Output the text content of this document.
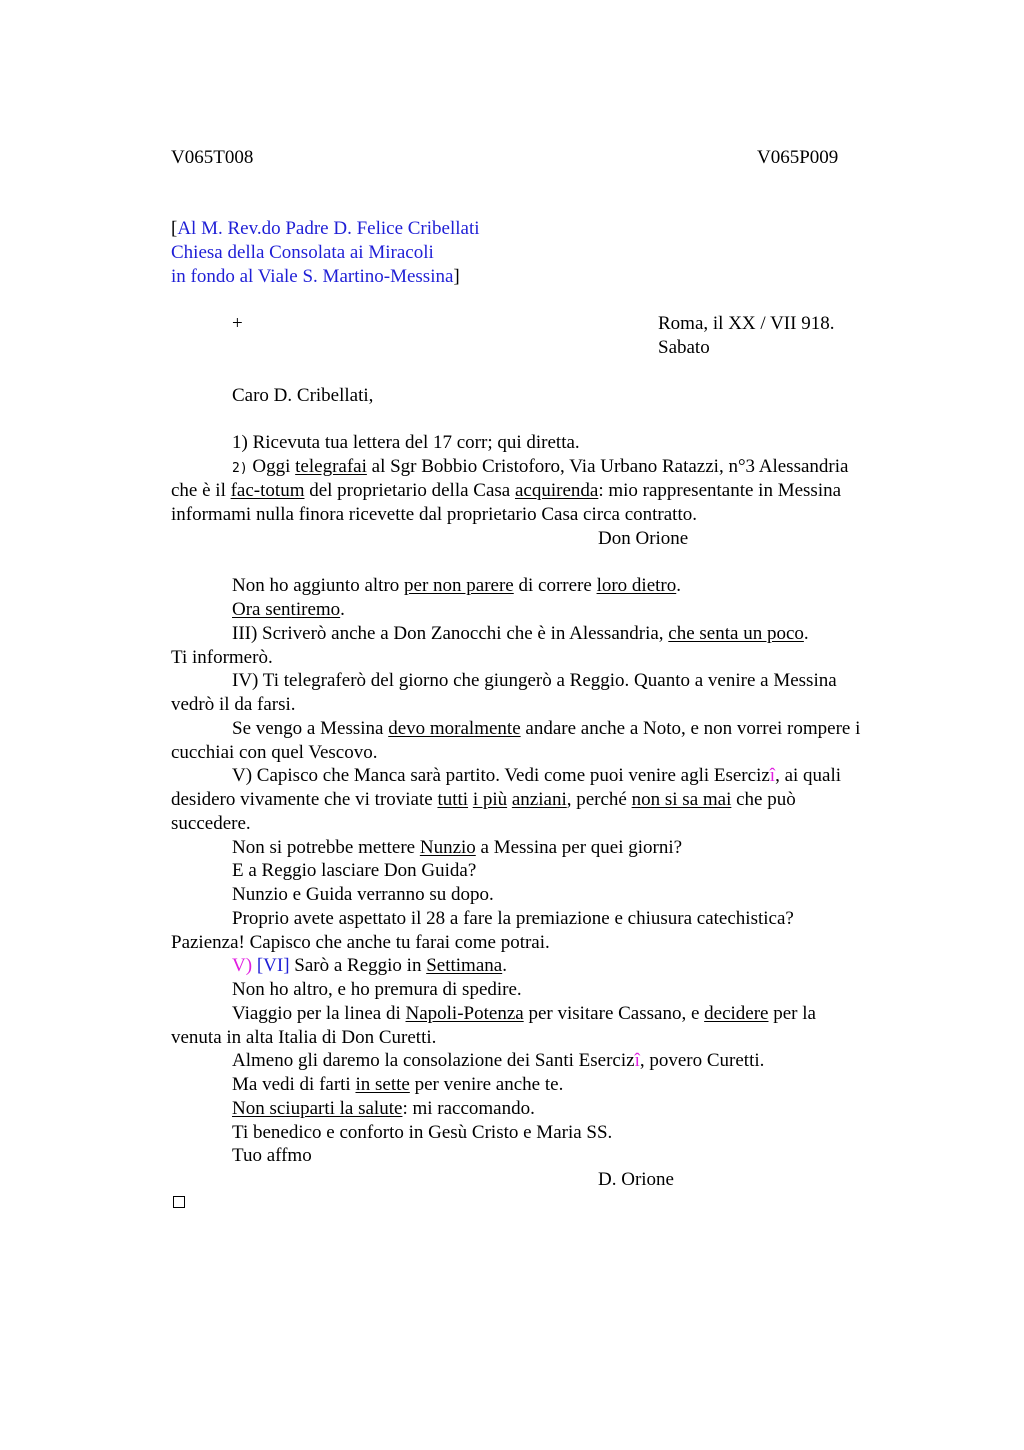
V065T008	V065P009
[Al M. Rev.do Padre D. Felice Cribellati
Chiesa della Consolata ai Miracoli
in fondo al Viale S. Martino-Messina]
+	Roma, il XX / VII 918.
Sabato
Caro D. Cribellati,
1) Ricevuta tua lettera del 17 corr; qui diretta.
2) Oggi telegrafai al Sgr Bobbio Cristoforo, Via Urbano Ratazzi, n°3 Alessandria
che è il fac-totum del proprietario della Casa acquirenda: mio rappresentante in Messina
informami nulla finora ricevette dal proprietario Casa circa contratto.
Don Orione
Non ho aggiunto altro per non parere di correre loro dietro.
Ora sentiremo.
III) Scriverò anche a Don Zanocchi che è in Alessandria, che senta un poco.
Ti informerò.
IV) Ti telegraferò del giorno che giungerò a Reggio. Quanto a venire a Messina
vedrò il da farsi.
Se vengo a Messina devo moralmente andare anche a Noto, e non vorrei rompere i
cucchiai con quel Vescovo.
V) Capisco che Manca sarà partito. Vedi come puoi venire agli Esercizî, ai quali
desidero vivamente che vi troviate tutti i più anziani, perché non si sa mai che può
succedere.
Non si potrebbe mettere Nunzio a Messina per quei giorni?
E a Reggio lasciare Don Guida?
Nunzio e Guida verranno su dopo.
Proprio avete aspettato il 28 a fare la premiazione e chiusura catechistica?
Pazienza! Capisco che anche tu farai come potrai.
V) [VI] Sarò a Reggio in Settimana.
Non ho altro, e ho premura di spedire.
Viaggio per la linea di Napoli-Potenza per visitare Cassano, e decidere per la
venuta in alta Italia di Don Curetti.
Almeno gli daremo la consolazione dei Santi Esercizî, povero Curetti.
Ma vedi di farti in sette per venire anche te.
Non sciuparti la salute: mi raccomando.
Ti benedico e conforto in Gesù Cristo e Maria SS.
Tuo affmo
D. Orione
